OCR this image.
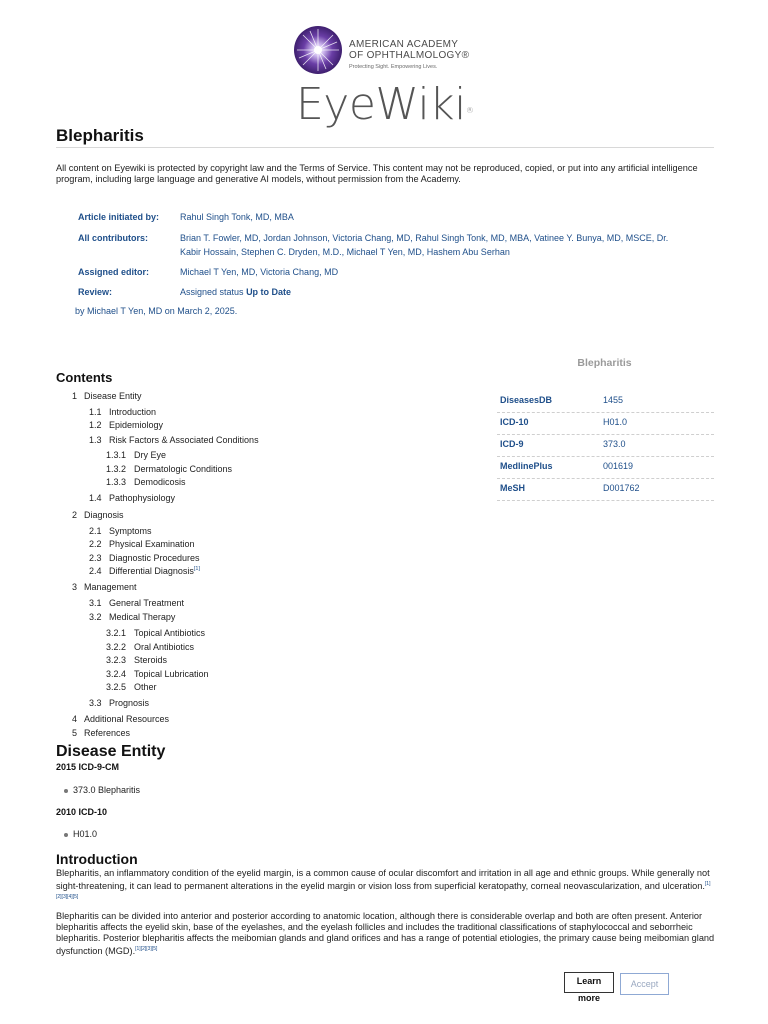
AMERICAN ACADEMY
OF OPHTHALMOLOGY®
Protecting Sight. Empowering Lives.
EyeWiki®
Blepharitis

All content on Eyewiki is protected by copyright law and the Terms of Service. This content may not be reproduced, copied, or put into any artificial intelligence program, including large language and generative AI models, without permission from the Academy.

Article initiated by: Rahul Singh Tonk, MD, MBA
All contributors:	Brian T. Fowler, MD, Jordan Johnson, Victoria Chang, MD, Rahul Singh Tonk, MD, MBA, Vatinee Y. Bunya, MD, MSCE, Dr. Kabir Hossain, Stephen C. Dryden, M.D., Michael T Yen, MD, Hashem Abu Serhan
Assigned editor:	Michael T Yen, MD, Victoria Chang, MD
Review:	Assigned status Up to Date
by Michael T Yen, MD on March 2, 2025.
Blepharitis
DiseasesDB	1455
ICD-10	H01.0
ICD-9	373.0
MedlinePlus	001619
MeSH	D001762
Contents
1 Disease Entity
1.1 Introduction
1.2 Epidemiology
1.3 Risk Factors & Associated Conditions
1.3.1 Dry Eye
1.3.2 Dermatologic Conditions
1.3.3 Demodicosis
1.4 Pathophysiology
2 Diagnosis
2.1 Symptoms
2.2 Physical Examination
2.3 Diagnostic Procedures
2.4 Differential Diagnosis[1]
3 Management
3.1 General Treatment
3.2 Medical Therapy
3.2.1 Topical Antibiotics
3.2.2 Oral Antibiotics
3.2.3 Steroids
3.2.4 Topical Lubrication
3.2.5 Other
3.3 Prognosis
4 Additional Resources
5 References
Disease Entity
2015 ICD-9-CM
373.0 Blepharitis
2010 ICD-10
H01.0
Introduction

Blepharitis, an inflammatory condition of the eyelid margin, is a common cause of ocular discomfort and irritation in all age and ethnic groups. While generally not sight-threatening, it can lead to permanent alterations in the eyelid margin or vision loss from superficial keratopathy, corneal neovascularization, and ulceration.[1][2][3][4][5]

Blepharitis can be divided into anterior and posterior according to anatomic location, although there is considerable overlap and both are often present. Anterior blepharitis affects the eyelid skin, base of the eyelashes, and the eyelash follicles and includes the traditional classifications of staphylococcal and seborrheic blepharitis. Posterior blepharitis affects the meibomian glands and gland orifices and has a range of potential etiologies, the primary cause being meibomian gland dysfunction (MGD).[1][2][3][5]

Learn more
Accept
